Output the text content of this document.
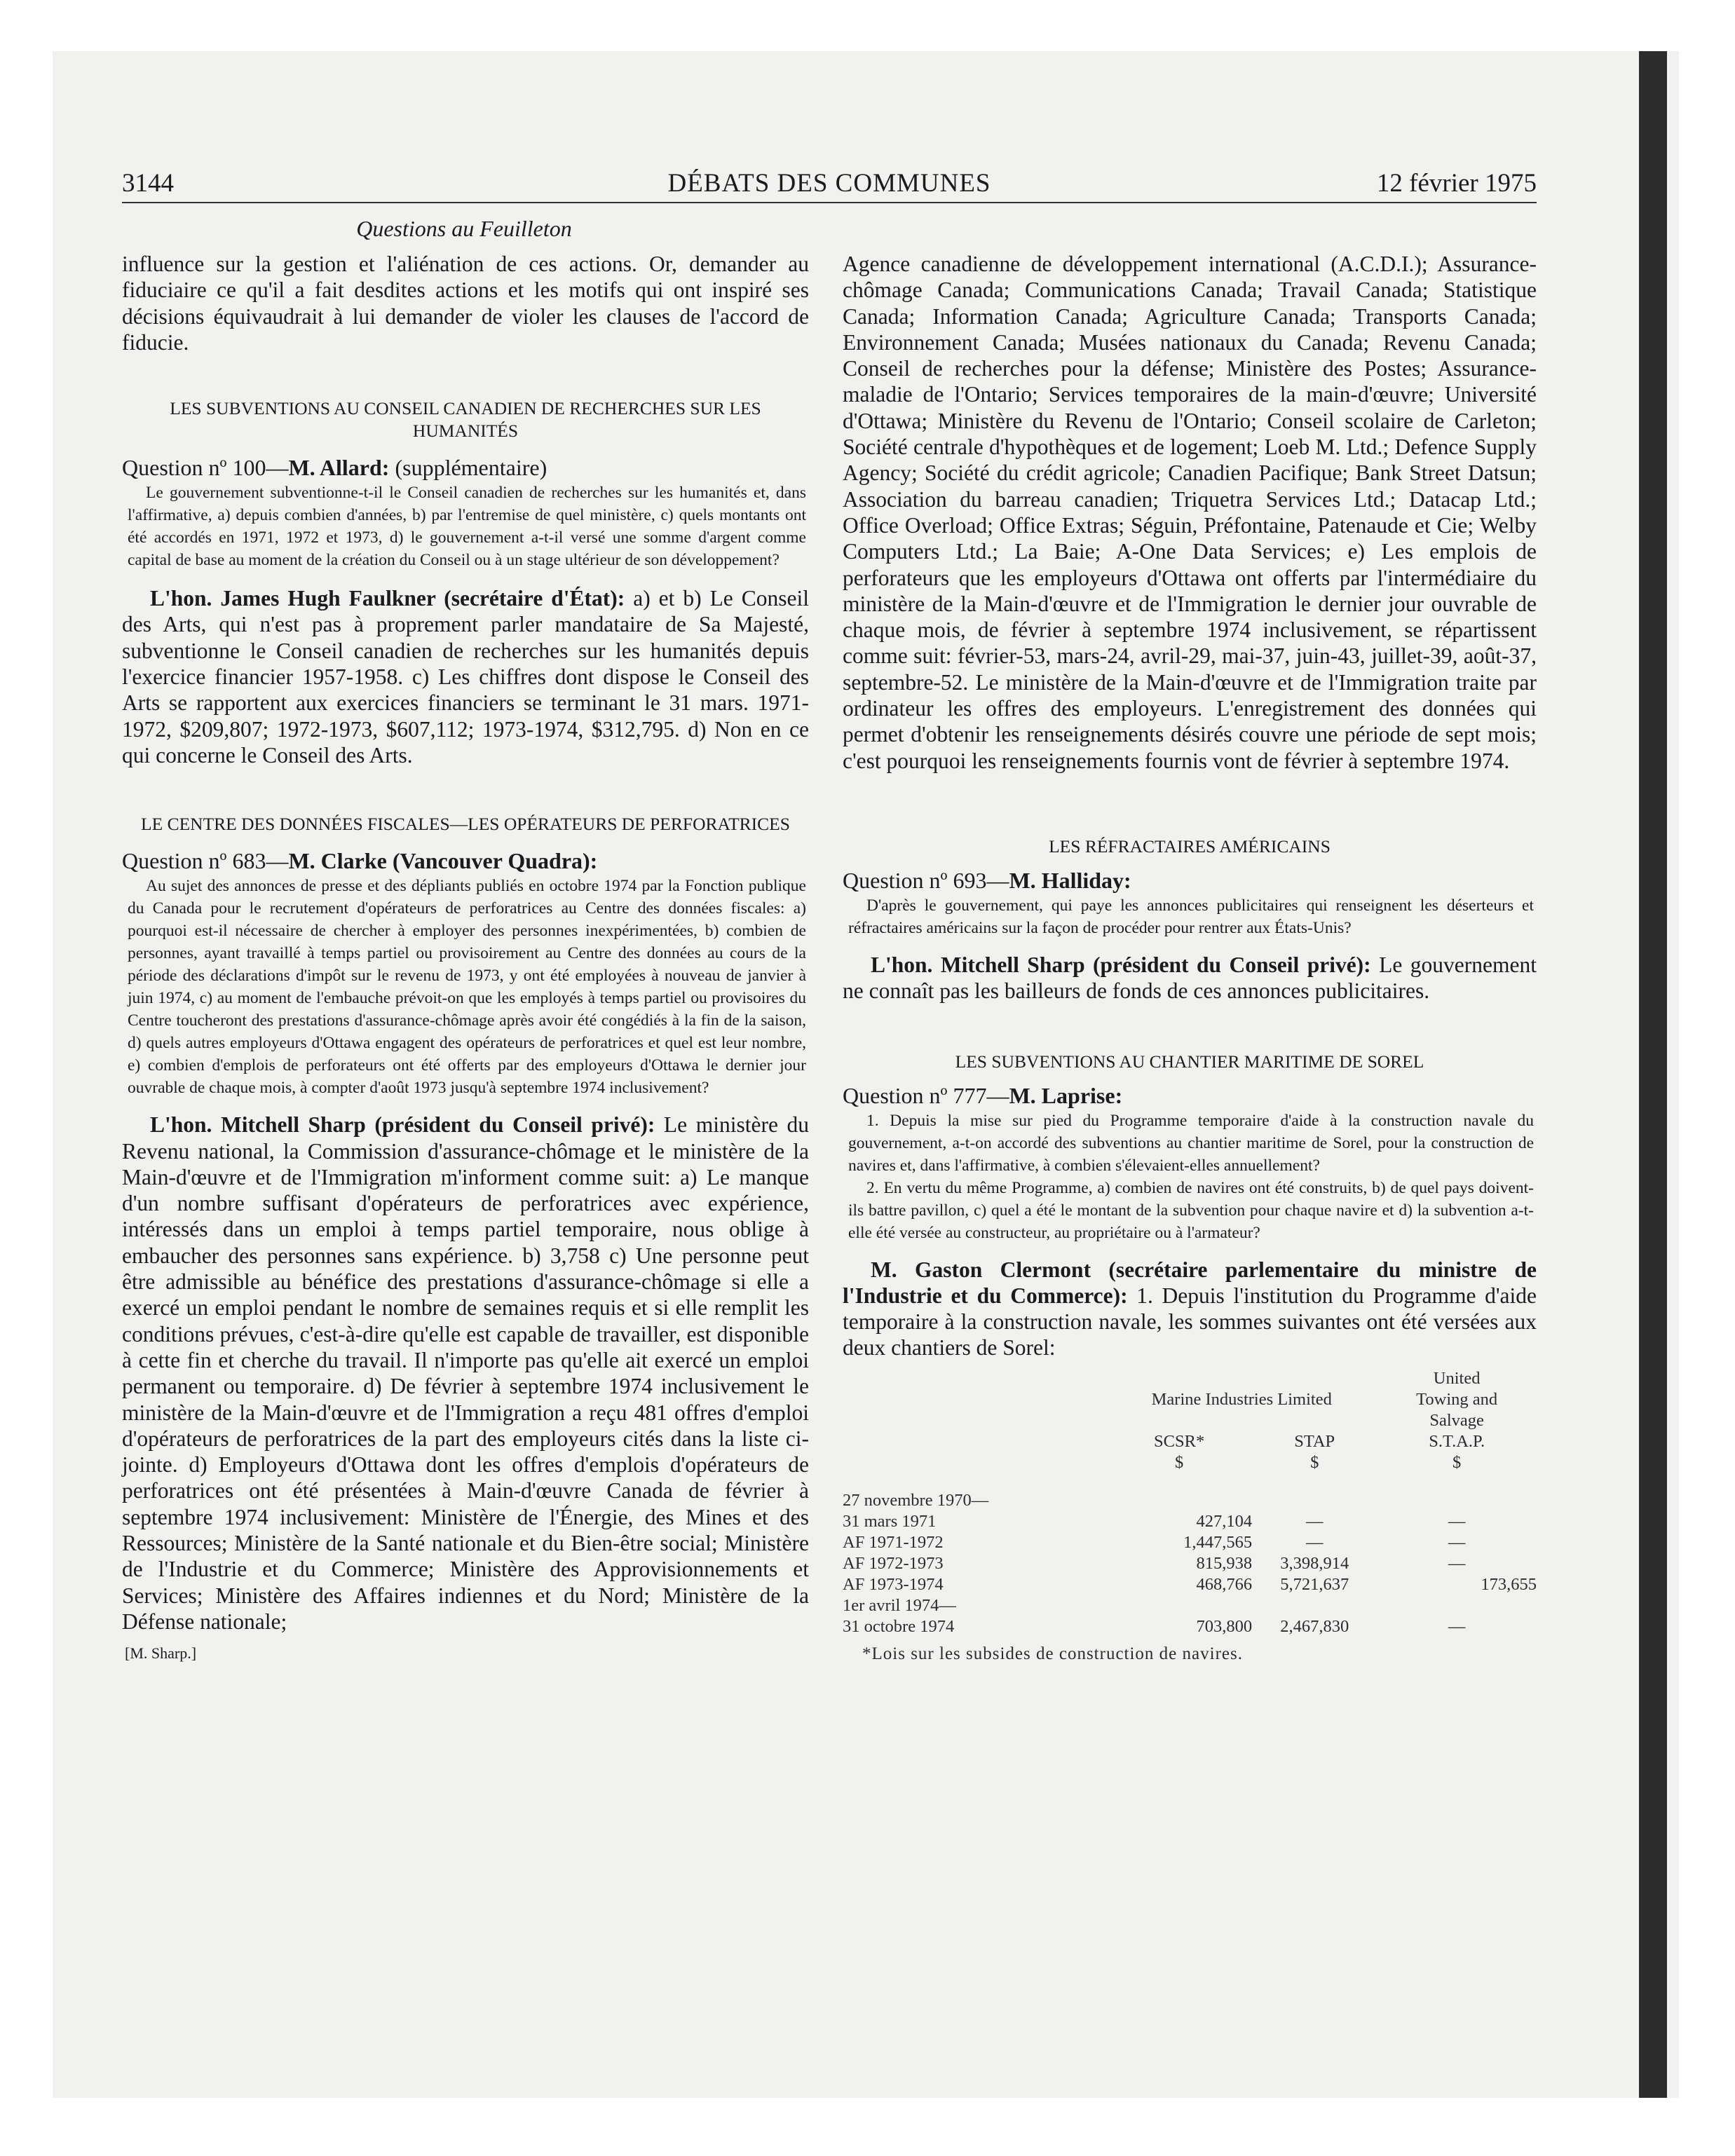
3144	DÉBATS DES COMMUNES	12 février 1975
Questions au Feuilleton

influence sur la gestion et l'aliénation de ces actions. Or, demander au fiduciaire ce qu'il a fait desdites actions et les motifs qui ont inspiré ses décisions équivaudrait à lui demander de violer les clauses de l'accord de fiducie.

LES SUBVENTIONS AU CONSEIL CANADIEN DE RECHERCHES SUR LES HUMANITÉS

Question nº 100—M. Allard: (supplémentaire)

Le gouvernement subventionne-t-il le Conseil canadien de recherches sur les humanités et, dans l'affirmative, a) depuis combien d'années, b) par l'entremise de quel ministère, c) quels montants ont été accordés en 1971, 1972 et 1973, d) le gouvernement a-t-il versé une somme d'argent comme capital de base au moment de la création du Conseil ou à un stage ultérieur de son développement?

L'hon. James Hugh Faulkner (secrétaire d'État): a) et b) Le Conseil des Arts, qui n'est pas à proprement parler mandataire de Sa Majesté, subventionne le Conseil canadien de recherches sur les humanités depuis l'exercice financier 1957-1958. c) Les chiffres dont dispose le Conseil des Arts se rapportent aux exercices financiers se terminant le 31 mars. 1971-1972, $209,807; 1972-1973, $607,112; 1973-1974, $312,795. d) Non en ce qui concerne le Conseil des Arts.

LE CENTRE DES DONNÉES FISCALES—LES OPÉRATEURS DE PERFORATRICES

Question nº 683—M. Clarke (Vancouver Quadra):

Au sujet des annonces de presse et des dépliants publiés en octobre 1974 par la Fonction publique du Canada pour le recrutement d'opérateurs de perforatrices au Centre des données fiscales: a) pourquoi est-il nécessaire de chercher à employer des personnes inexpérimentées, b) combien de personnes, ayant travaillé à temps partiel ou provisoirement au Centre des données au cours de la période des déclarations d'impôt sur le revenu de 1973, y ont été employées à nouveau de janvier à juin 1974, c) au moment de l'embauche prévoit-on que les employés à temps partiel ou provisoires du Centre toucheront des prestations d'assurance-chômage après avoir été congédiés à la fin de la saison, d) quels autres employeurs d'Ottawa engagent des opérateurs de perforatrices et quel est leur nombre, e) combien d'emplois de perforateurs ont été offerts par des employeurs d'Ottawa le dernier jour ouvrable de chaque mois, à compter d'août 1973 jusqu'à septembre 1974 inclusivement?

L'hon. Mitchell Sharp (président du Conseil privé): Le ministère du Revenu national, la Commission d'assurance-chômage et le ministère de la Main-d'œuvre et de l'Immigration m'informent comme suit: a) Le manque d'un nombre suffisant d'opérateurs de perforatrices avec expérience, intéressés dans un emploi à temps partiel temporaire, nous oblige à embaucher des personnes sans expérience. b) 3,758 c) Une personne peut être admissible au bénéfice des prestations d'assurance-chômage si elle a exercé un emploi pendant le nombre de semaines requis et si elle remplit les conditions prévues, c'est-à-dire qu'elle est capable de travailler, est disponible à cette fin et cherche du travail. Il n'importe pas qu'elle ait exercé un emploi permanent ou temporaire. d) De février à septembre 1974 inclusivement le ministère de la Main-d'œuvre et de l'Immigration a reçu 481 offres d'emploi d'opérateurs de perforatrices de la part des employeurs cités dans la liste ci-jointe. d) Employeurs d'Ottawa dont les offres d'emplois d'opérateurs de perforatrices ont été présentées à Main-d'œuvre Canada de février à septembre 1974 inclusivement: Ministère de l'Énergie, des Mines et des Ressources; Ministère de la Santé nationale et du Bien-être social; Ministère de l'Industrie et du Commerce; Ministère des Approvisionnements et Services; Ministère des Affaires indiennes et du Nord; Ministère de la Défense nationale;

[M. Sharp.]

Agence canadienne de développement international (A.C.D.I.); Assurance-chômage Canada; Communications Canada; Travail Canada; Statistique Canada; Information Canada; Agriculture Canada; Transports Canada; Environnement Canada; Musées nationaux du Canada; Revenu Canada; Conseil de recherches pour la défense; Ministère des Postes; Assurance-maladie de l'Ontario; Services temporaires de la main-d'œuvre; Université d'Ottawa; Ministère du Revenu de l'Ontario; Conseil scolaire de Carleton; Société centrale d'hypothèques et de logement; Loeb M. Ltd.; Defence Supply Agency; Société du crédit agricole; Canadien Pacifique; Bank Street Datsun; Association du barreau canadien; Triquetra Services Ltd.; Datacap Ltd.; Office Overload; Office Extras; Séguin, Préfontaine, Patenaude et Cie; Welby Computers Ltd.; La Baie; A-One Data Services; e) Les emplois de perforateurs que les employeurs d'Ottawa ont offerts par l'intermédiaire du ministère de la Main-d'œuvre et de l'Immigration le dernier jour ouvrable de chaque mois, de février à septembre 1974 inclusivement, se répartissent comme suit: février-53, mars-24, avril-29, mai-37, juin-43, juillet-39, août-37, septembre-52. Le ministère de la Main-d'œuvre et de l'Immigration traite par ordinateur les offres des employeurs. L'enregistrement des données qui permet d'obtenir les renseignements désirés couvre une période de sept mois; c'est pourquoi les renseignements fournis vont de février à septembre 1974.

LES RÉFRACTAIRES AMÉRICAINS

Question nº 693—M. Halliday:

D'après le gouvernement, qui paye les annonces publicitaires qui renseignent les déserteurs et réfractaires américains sur la façon de procéder pour rentrer aux États-Unis?

L'hon. Mitchell Sharp (président du Conseil privé): Le gouvernement ne connaît pas les bailleurs de fonds de ces annonces publicitaires.

LES SUBVENTIONS AU CHANTIER MARITIME DE SOREL

Question nº 777—M. Laprise:

1. Depuis la mise sur pied du Programme temporaire d'aide à la construction navale du gouvernement, a-t-on accordé des subventions au chantier maritime de Sorel, pour la construction de navires et, dans l'affirmative, à combien s'élevaient-elles annuellement?

2. En vertu du même Programme, a) combien de navires ont été construits, b) de quel pays doivent-ils battre pavillon, c) quel a été le montant de la subvention pour chaque navire et d) la subvention a-t-elle été versée au constructeur, au propriétaire ou à l'armateur?

M. Gaston Clermont (secrétaire parlementaire du ministre de l'Industrie et du Commerce): 1. Depuis l'institution du Programme d'aide temporaire à la construction navale, les sommes suivantes ont été versées aux deux chantiers de Sorel:

			United
	Marine Industries Limited		Towing and
			Salvage
	SCSR*	STAP	S.T.A.P.
	$	$	$

27 novembre 1970—			
31 mars 1971	427,104	—	—
AF 1971-1972	1,447,565	—	—
AF 1972-1973	815,938	3,398,914	—
AF 1973-1974	468,766	5,721,637	173,655
1er avril 1974—			
31 octobre 1974	703,800	2,467,830	—

*Lois sur les subsides de construction de navires.
